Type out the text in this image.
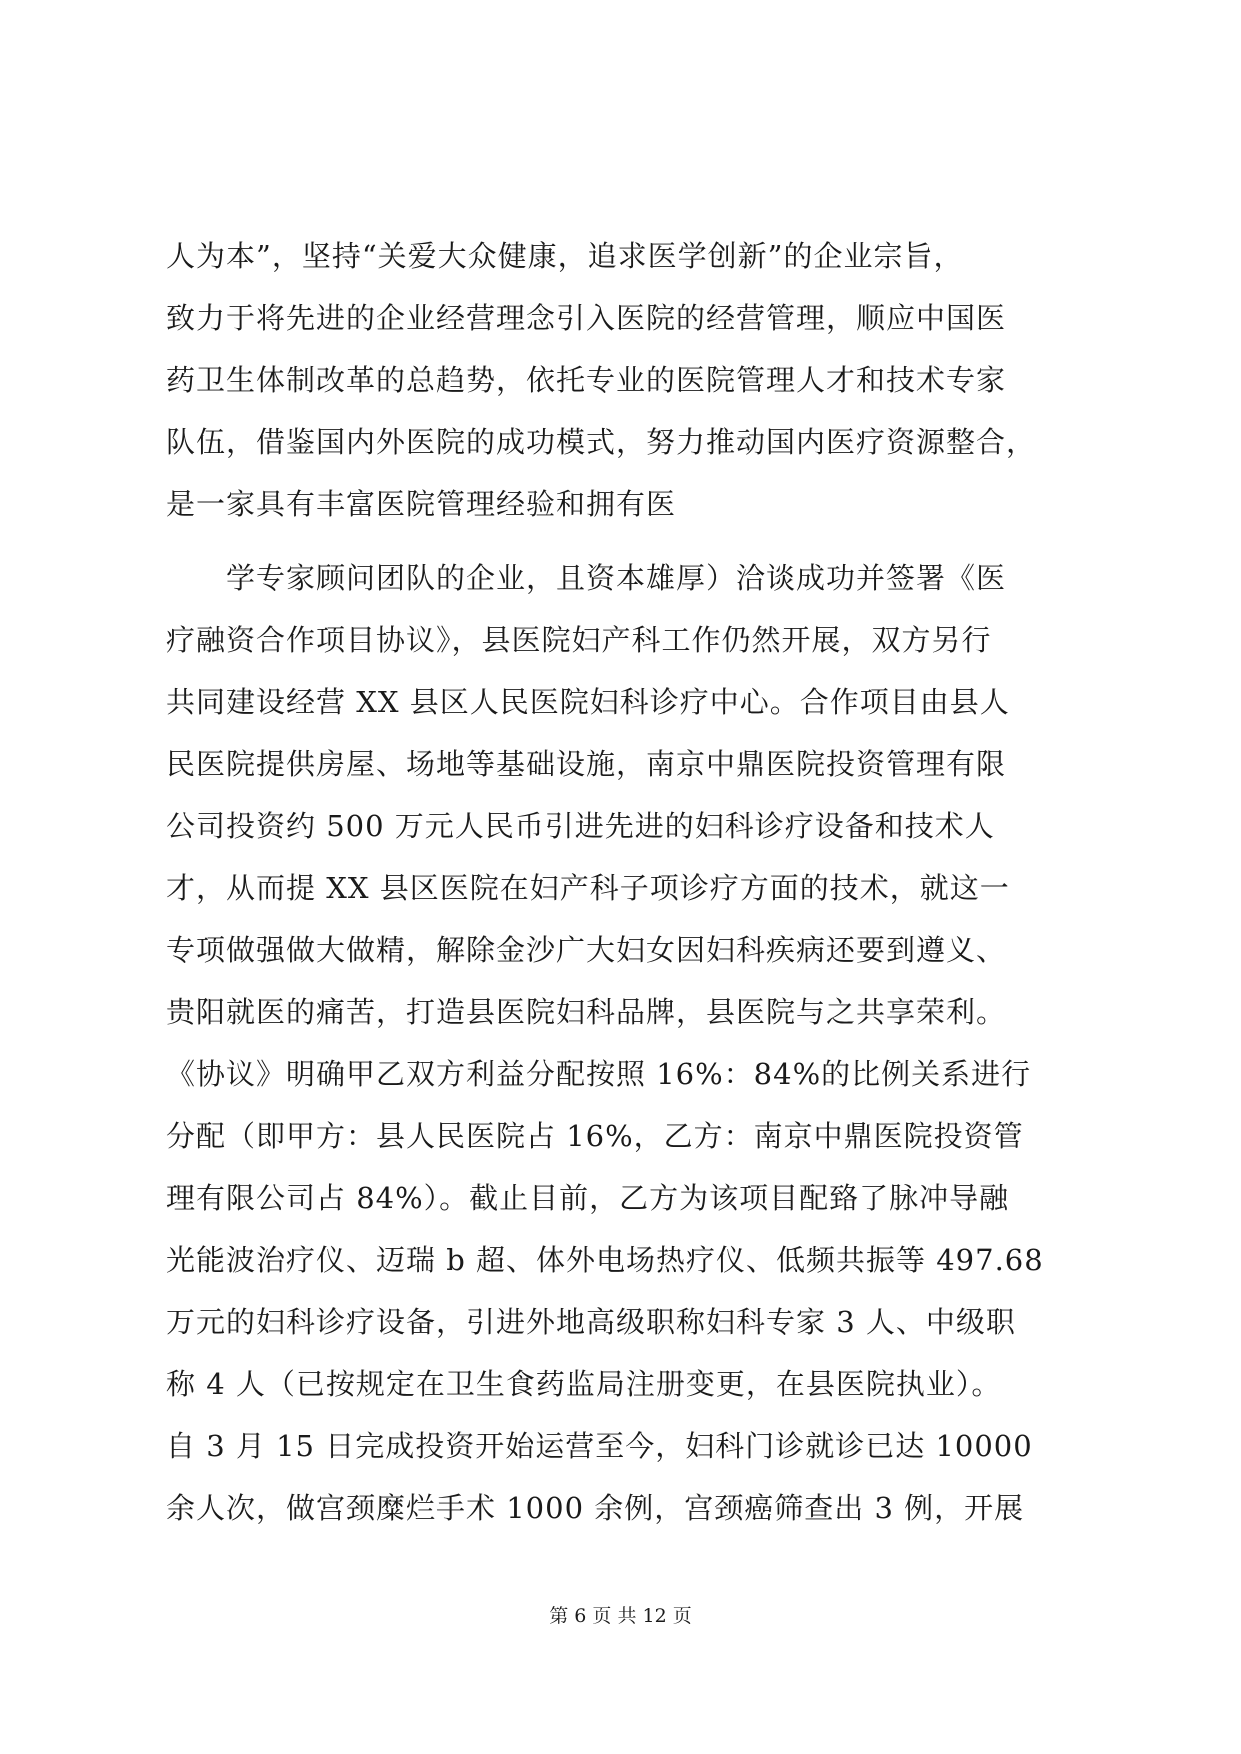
人为本”，坚持“关爱大众健康，追求医学创新”的企业宗旨，
致力于将先进的企业经营理念引入医院的经营管理，顺应中国医
药卫生体制改革的总趋势，依托专业的医院管理人才和技术专家
队伍，借鉴国内外医院的成功模式，努力推动国内医疗资源整合，
是一家具有丰富医院管理经验和拥有医
　　学专家顾问团队的企业，且资本雄厚）洽谈成功并签署《医
疗融资合作项目协议》，县医院妇产科工作仍然开展，双方另行
共同建设经营 XX 县区人民医院妇科诊疗中心。合作项目由县人
民医院提供房屋、场地等基础设施，南京中鼎医院投资管理有限
公司投资约 500 万元人民币引进先进的妇科诊疗设备和技术人
才，从而提 XX 县区医院在妇产科子项诊疗方面的技术，就这一
专项做强做大做精，解除金沙广大妇女因妇科疾病还要到遵义、
贵阳就医的痛苦，打造县医院妇科品牌，县医院与之共享荣利。
《协议》明确甲乙双方利益分配按照 16%：84%的比例关系进行
分配（即甲方：县人民医院占 16%，乙方：南京中鼎医院投资管
理有限公司占 84%）。截止目前，乙方为该项目配臵了脉冲导融
光能波治疗仪、迈瑞 b 超、体外电场热疗仪、低频共振等 497.68
万元的妇科诊疗设备，引进外地高级职称妇科专家 3 人、中级职
称 4 人（已按规定在卫生食药监局注册变更，在县医院执业）。
自 3 月 15 日完成投资开始运营至今，妇科门诊就诊已达 10000
余人次，做宫颈糜烂手术 1000 余例，宫颈癌筛查出 3 例，开展
第 6 页 共 12 页
